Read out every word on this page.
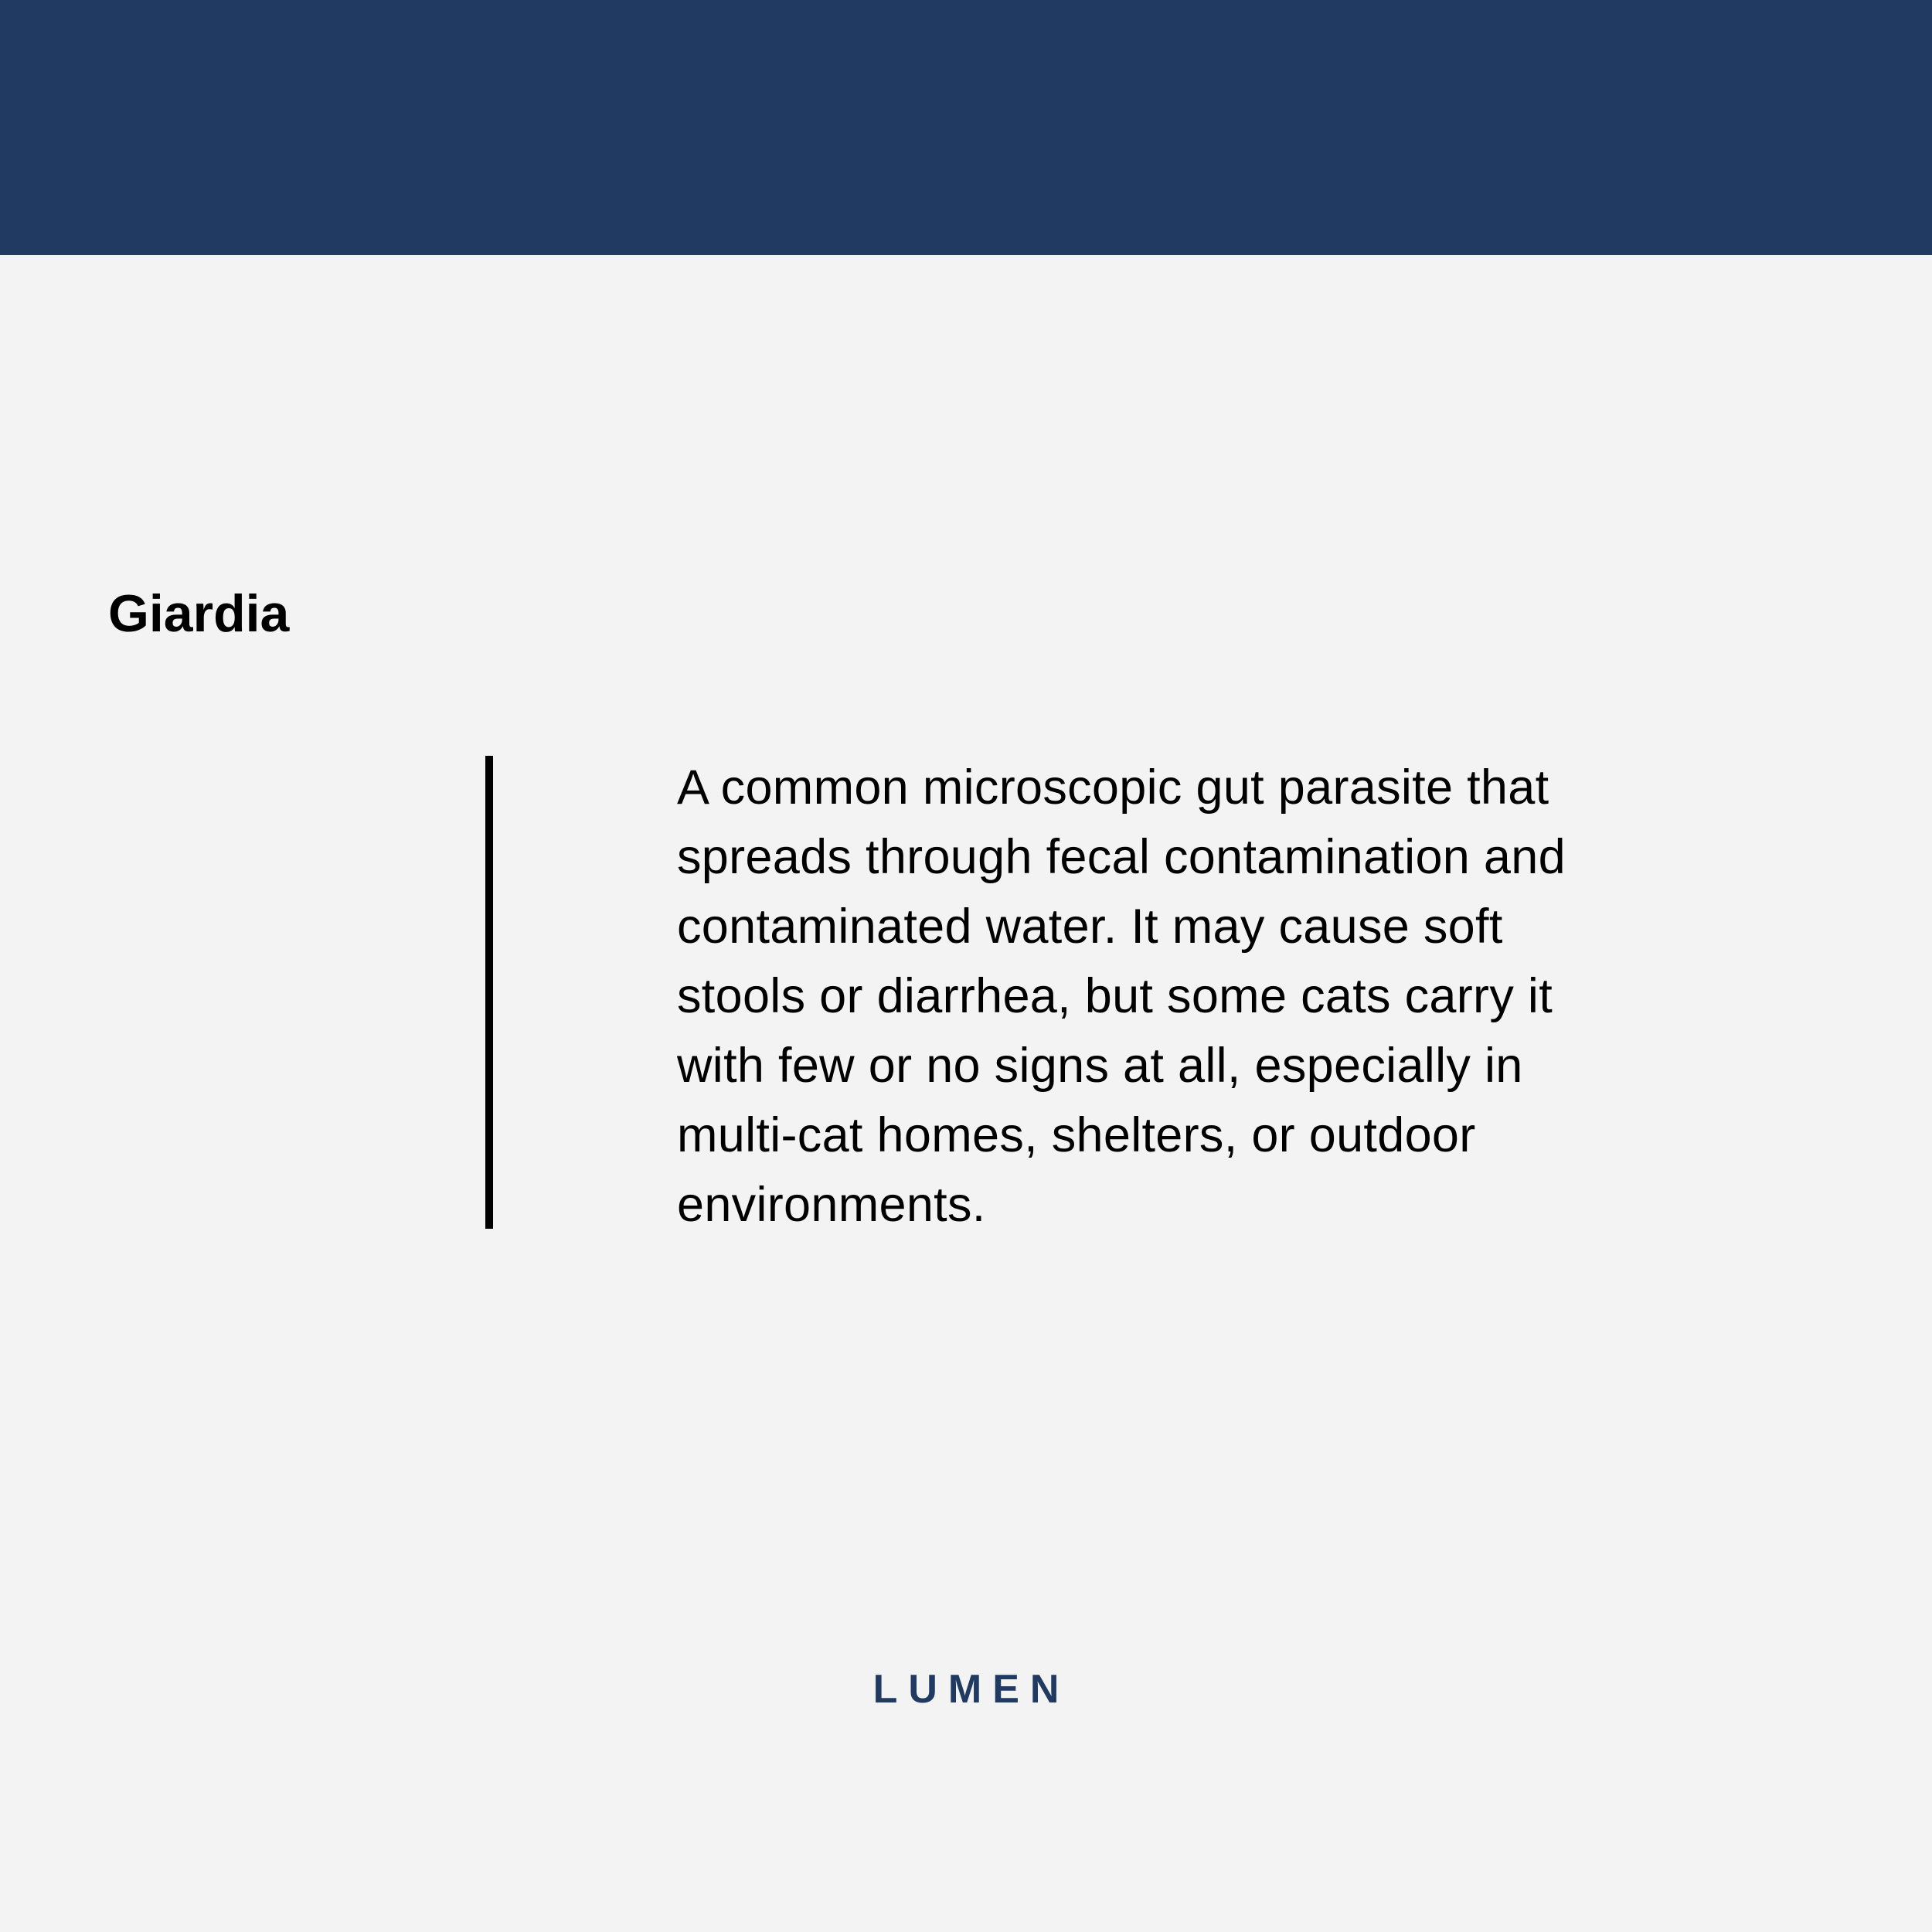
Giardia

A common microscopic gut parasite that
spreads through fecal contamination and
contaminated water. It may cause soft
stools or diarrhea, but some cats carry it
with few or no signs at all, especially in
multi-cat homes, shelters, or outdoor
environments.

LUMEN
